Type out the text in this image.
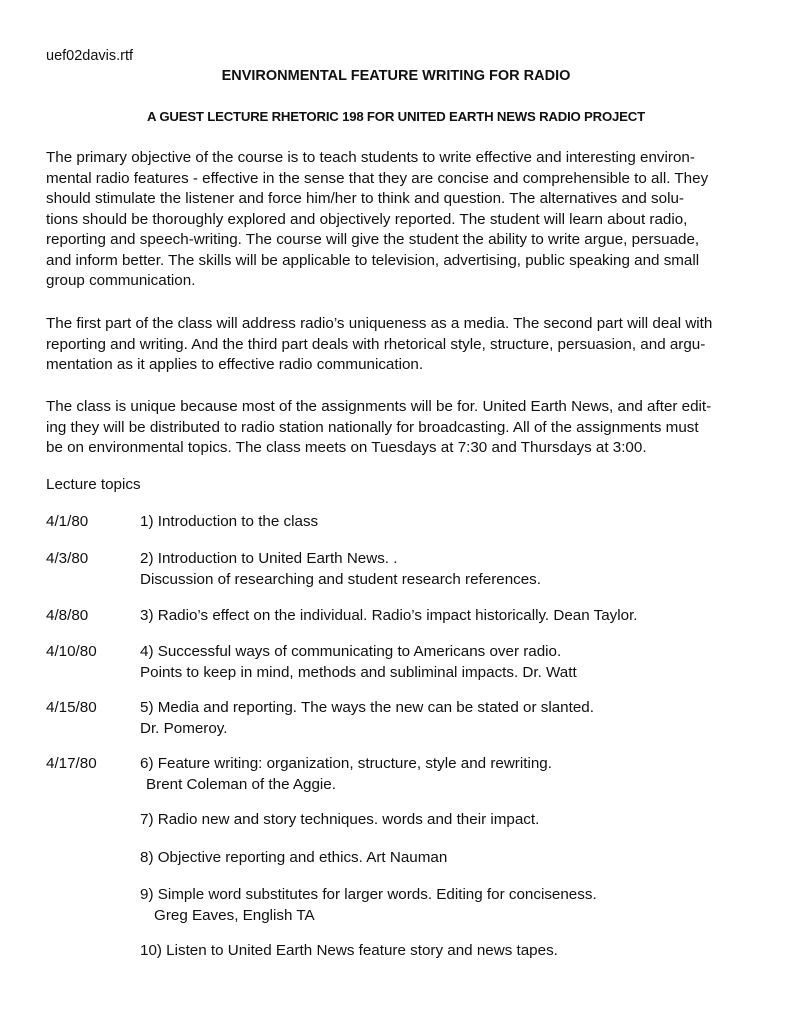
uef02davis.rtf
ENVIRONMENTAL FEATURE WRITING FOR RADIO
A GUEST LECTURE RHETORIC 198 FOR UNITED EARTH NEWS RADIO PROJECT

The primary objective of the course is to teach students to write effective and interesting environ-
mental radio features - effective in the sense that they are concise and comprehensible to all. They
should stimulate the listener and force him/her to think and question. The alternatives and solu-
tions should be thoroughly explored and objectively reported. The student will learn about radio,
reporting and speech-writing. The course will give the student the ability to write argue, persuade,
and inform better. The skills will be applicable to television, advertising, public speaking and small
group communication.

The first part of the class will address radio’s uniqueness as a media. The second part will deal with
reporting and writing. And the third part deals with rhetorical style, structure, persuasion, and argu-
mentation as it applies to effective radio communication.

The class is unique because most of the assignments will be for. United Earth News, and after edit-
ing they will be distributed to radio station nationally for broadcasting. All of the assignments must
be on environmental topics. The class meets on Tuesdays at 7:30 and Thursdays at 3:00.

Lecture topics
4/1/80	1) Introduction to the class
4/3/80	2) Introduction to United Earth News. .
Discussion of researching and student research references.
4/8/80	3) Radio’s effect on the individual. Radio’s impact historically. Dean Taylor.
4/10/80	4) Successful ways of communicating to Americans over radio.
Points to keep in mind, methods and subliminal impacts. Dr. Watt
4/15/80	5) Media and reporting. The ways the new can be stated or slanted.
Dr. Pomeroy.
4/17/80	6) Feature writing: organization, structure, style and rewriting.
Brent Coleman of the Aggie.
7) Radio new and story techniques. words and their impact.
8) Objective reporting and ethics. Art Nauman
9) Simple word substitutes for larger words. Editing for conciseness.
Greg Eaves, English TA
10) Listen to United Earth News feature story and news tapes.
